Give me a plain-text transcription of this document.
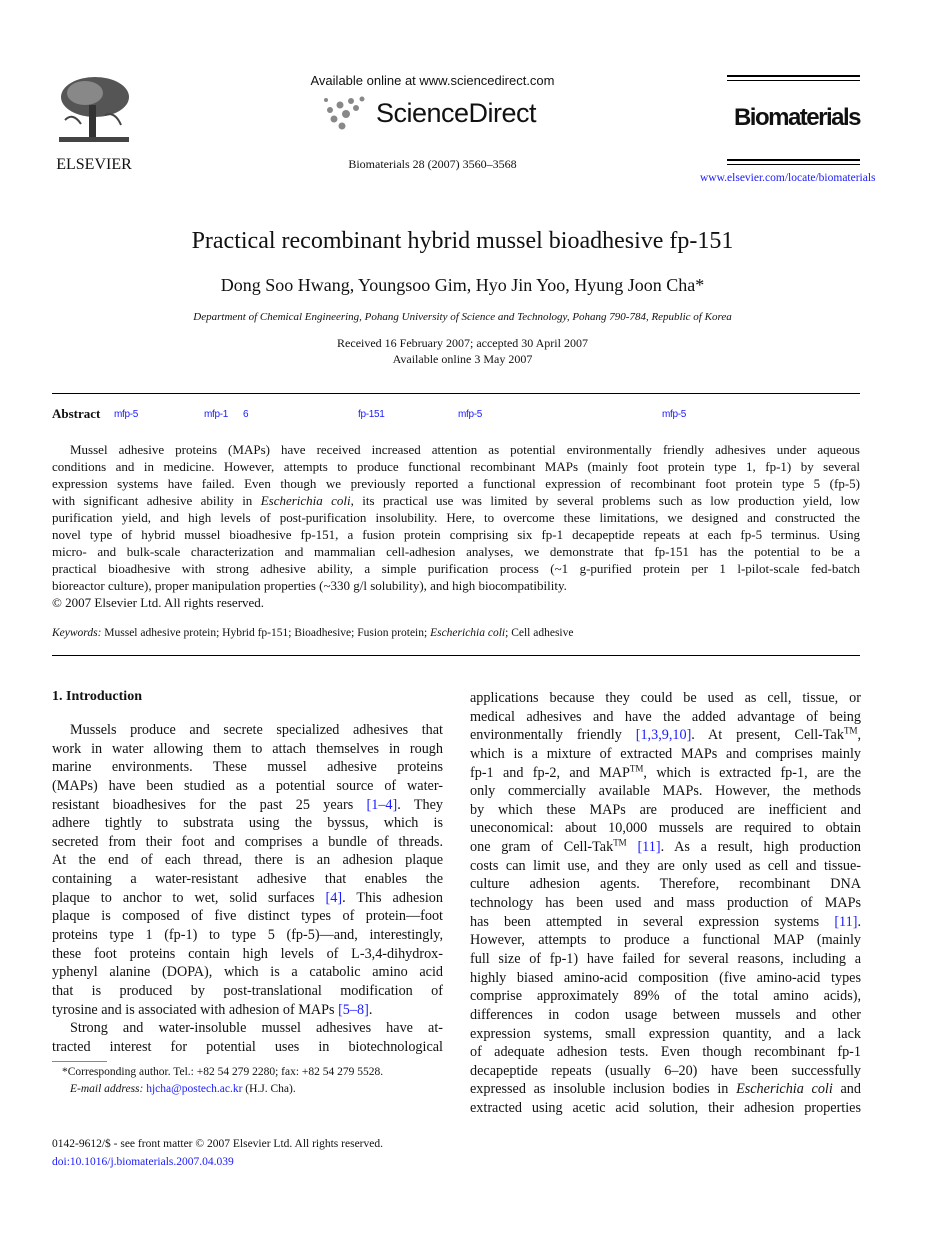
ELSEVIER
Available online at www.sciencedirect.com
ScienceDirect
Biomaterials 28 (2007) 3560–3568
Biomaterials
www.elsevier.com/locate/biomaterials
Practical recombinant hybrid mussel bioadhesive fp-151
Dong Soo Hwang, Youngsoo Gim, Hyo Jin Yoo, Hyung Joon Cha*
Department of Chemical Engineering, Pohang University of Science and Technology, Pohang 790-784, Republic of Korea
Received 16 February 2007; accepted 30 April 2007
Available online 3 May 2007
Abstract mfp-5	mfp-1 6	fp-151	mfp-5	mfp-5
Mussel adhesive proteins (MAPs) have received increased attention as potential environmentally friendly adhesives under aqueous
conditions and in medicine. However, attempts to produce functional recombinant MAPs (mainly foot protein type 1, fp-1) by several
expression systems have failed. Even though we previously reported a functional expression of recombinant foot protein type 5 (fp-5)
with significant adhesive ability in Escherichia coli, its practical use was limited by several problems such as low production yield, low
purification yield, and high levels of post-purification insolubility. Here, to overcome these limitations, we designed and constructed the
novel type of hybrid mussel bioadhesive fp-151, a fusion protein comprising six fp-1 decapeptide repeats at each fp-5 terminus. Using
micro- and bulk-scale characterization and mammalian cell-adhesion analyses, we demonstrate that fp-151 has the potential to be a
practical bioadhesive with strong adhesive ability, a simple purification process (~1 g-purified protein per 1 l-pilot-scale fed-batch
bioreactor culture), proper manipulation properties (~330 g/l solubility), and high biocompatibility.
© 2007 Elsevier Ltd. All rights reserved.
Keywords: Mussel adhesive protein; Hybrid fp-151; Bioadhesive; Fusion protein; Escherichia coli; Cell adhesive
1. Introduction
Mussels produce and secrete specialized adhesives that
work in water allowing them to attach themselves in rough
marine environments. These mussel adhesive proteins
(MAPs) have been studied as a potential source of water-
resistant bioadhesives for the past 25 years [1–4]. They
adhere tightly to substrata using the byssus, which is
secreted from their foot and comprises a bundle of threads.
At the end of each thread, there is an adhesion plaque
containing a water-resistant adhesive that enables the
plaque to anchor to wet, solid surfaces [4]. This adhesion
plaque is composed of five distinct types of protein—foot
proteins type 1 (fp-1) to type 5 (fp-5)—and, interestingly,
these foot proteins contain high levels of L-3,4-dihydrox-
yphenyl alanine (DOPA), which is a catabolic amino acid
that is produced by post-translational modification of
tyrosine and is associated with adhesion of MAPs [5–8].
Strong and water-insoluble mussel adhesives have at-
tracted interest for potential uses in biotechnological
applications because they could be used as cell, tissue, or
medical adhesives and have the added advantage of being
environmentally friendly [1,3,9,10]. At present, Cell-Tak™,
which is a mixture of extracted MAPs and comprises mainly
fp-1 and fp-2, and MAP™, which is extracted fp-1, are the
only commercially available MAPs. However, the methods
by which these MAPs are produced are inefficient and
uneconomical: about 10,000 mussels are required to obtain
one gram of Cell-Tak™ [11]. As a result, high production
costs can limit use, and they are only used as cell and tissue-
culture adhesion agents. Therefore, recombinant DNA
technology has been used and mass production of MAPs
has been attempted in several expression systems [11].
However, attempts to produce a functional MAP (mainly
full size of fp-1) have failed for several reasons, including a
highly biased amino-acid composition (five amino-acid types
comprise approximately 89% of the total amino acids),
differences in codon usage between mussels and other
expression systems, small expression quantity, and a lack
of adequate adhesion tests. Even though recombinant fp-1
decapeptide repeats (usually 6–20) have been successfully
expressed as insoluble inclusion bodies in Escherichia coli and
extracted using acetic acid solution, their adhesion properties
*Corresponding author. Tel.: +82 54 279 2280; fax: +82 54 279 5528.
E-mail address: hjcha@postech.ac.kr (H.J. Cha).
0142-9612/$ - see front matter © 2007 Elsevier Ltd. All rights reserved.
doi:10.1016/j.biomaterials.2007.04.039
